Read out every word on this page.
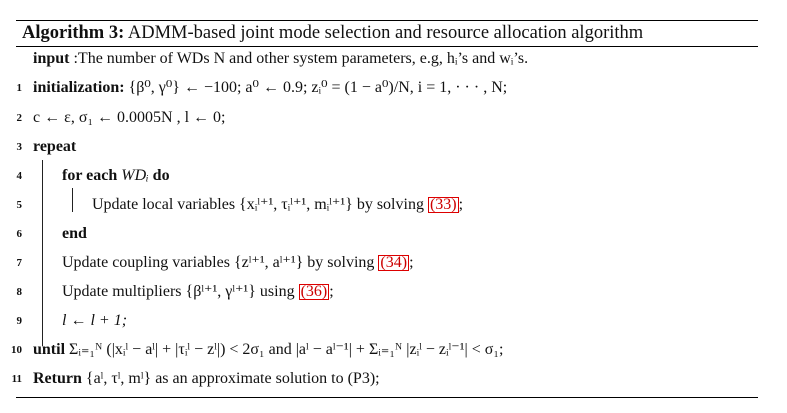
Algorithm 3: ADMM-based joint mode selection and resource allocation algorithm
input :The number of WDs N and other system parameters, e.g, hᵢ’s and wᵢ’s.
1 initialization: {β⁰, γ⁰} ← −100; a⁰ ← 0.9; zᵢ⁰ = (1 − a⁰)/N, i = 1, · · · , N;
2 c ← ε, σ₁ ← 0.0005N , l ← 0;
3 repeat
4	for each WDᵢ do
5	Update local variables {xᵢˡ⁺¹, τᵢˡ⁺¹, mᵢˡ⁺¹} by solving (33) ;
6	end
7	Update coupling variables {zˡ⁺¹, aˡ⁺¹} by solving (34) ;
8	Update multipliers {βˡ⁺¹, γˡ⁺¹} using (36) ;
9	l ← l + 1;
10 until Σᵢ₌₁ᴺ (|xᵢˡ − aˡ| + |τᵢˡ − zˡ|) < 2σ₁ and |aˡ − aˡ⁻¹| + Σᵢ₌₁ᴺ |zᵢˡ − zᵢˡ⁻¹| < σ₁;
11 Return {aˡ, τˡ, mˡ} as an approximate solution to (P3);
